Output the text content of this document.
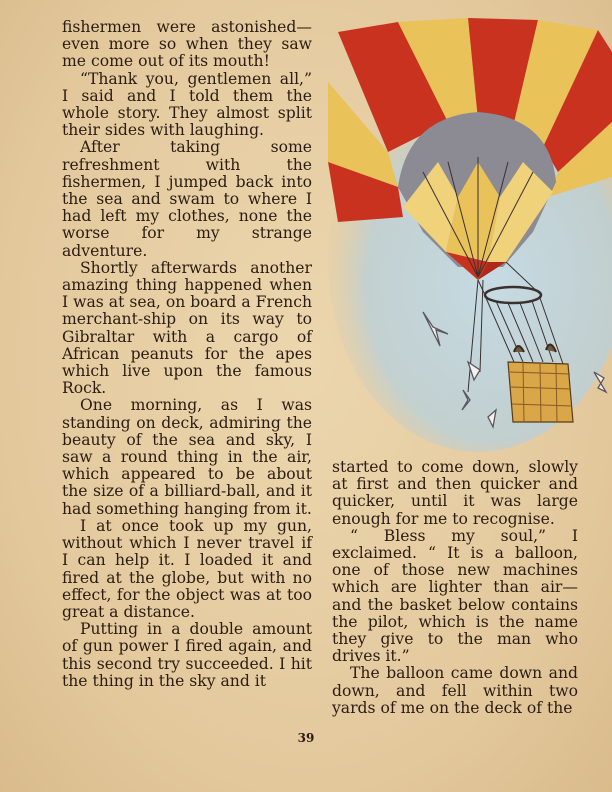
fishermen were astonished—even more so when they saw me come out of its mouth!

“Thank you, gentlemen all,” I said and I told them the whole story. They almost split their sides with laughing.

After taking some refreshment with the fishermen, I jumped back into the sea and swam to where I had left my clothes, none the worse for my strange adventure.

Shortly afterwards another amazing thing happened when I was at sea, on board a French merchant-ship on its way to Gibraltar with a cargo of African peanuts for the apes which live upon the famous Rock.

One morning, as I was standing on deck, admiring the beauty of the sea and sky, I saw a round thing in the air, which appeared to be about the size of a billiard-ball, and it had something hanging from it.

I at once took up my gun, without which I never travel if I can help it. I loaded it and fired at the globe, but with no effect, for the object was at too great a distance.

Putting in a double amount of gun power I fired again, and this second try succeeded. I hit the thing in the sky and it

started to come down, slowly at first and then quicker and quicker, until it was large enough for me to recognise.

“ Bless my soul,” I exclaimed. “ It is a balloon, one of those new machines which are lighter than air—and the basket below contains the pilot, which is the name they give to the man who drives it.”

The balloon came down and down, and fell within two yards of me on the deck of the

39
